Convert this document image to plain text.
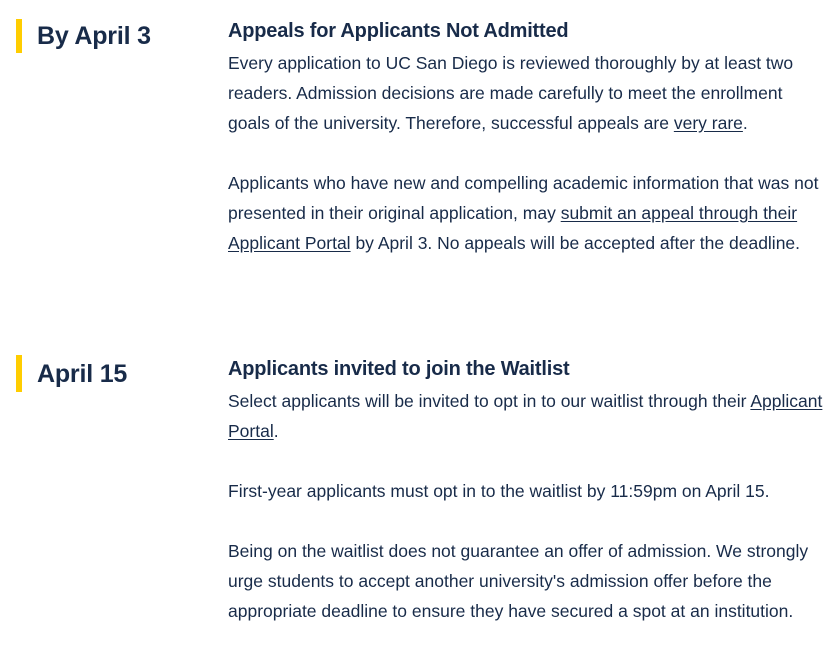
By April 3	Appeals for Applicants Not Admitted

Every application to UC San Diego is reviewed thoroughly by at least two readers. Admission decisions are made carefully to meet the enrollment goals of the university. Therefore, successful appeals are very rare.

Applicants who have new and compelling academic information that was not presented in their original application, may submit an appeal through their Applicant Portal by April 3. No appeals will be accepted after the deadline.

April 15	Applicants invited to join the Waitlist

Select applicants will be invited to opt in to our waitlist through their Applicant Portal.

First-year applicants must opt in to the waitlist by 11:59pm on April 15.

Being on the waitlist does not guarantee an offer of admission. We strongly urge students to accept another university's admission offer before the appropriate deadline to ensure they have secured a spot at an institution.
